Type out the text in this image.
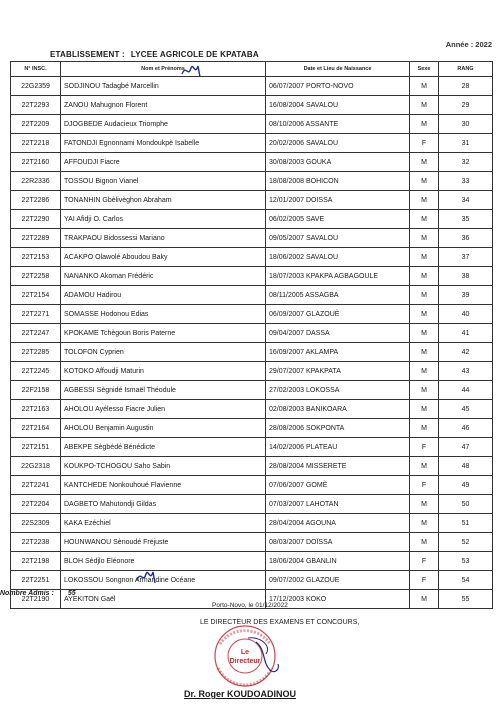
Année : 2022
ETABLISSEMENT : LYCEE AGRICOLE DE KPATABA
N° INSC.	Nom et Prénoms	Date et Lieu de Naissance	Sexe	RANG
22G2359	SODJINOU Tadagbé Marcellin	06/07/2007 PORTO-NOVO	M	28
22T2293	ZANOU Mahugnon Florent	16/08/2004 SAVALOU	M	29
22T2209	DJOGBEDE Audacieux Triomphe	08/10/2006 ASSANTE	M	30
22T2218	FATONDJI Egnonnami Mondoukpè Isabelle	20/02/2006 SAVALOU	F	31
22T2160	AFFOUDJI Fiacre	30/08/2003 GOUKA	M	32
22R2336	TOSSOU Bignon Vianel	18/08/2008 BOHICON	M	33
22T2286	TONANHIN Gbèlivèghon Abraham	12/01/2007 DOISSA	M	34
22T2290	YAI Afidji O. Carlos	06/02/2005 SAVE	M	35
22T2289	TRAKPAOU Bidossessi Mariano	09/05/2007 SAVALOU	M	36
22T2153	ACAKPO Olawolé Aboudou Baky	18/06/2002 SAVALOU	M	37
22T2258	NANANKO Akoman Frédéric	18/07/2003 KPAKPA AGBAGOULE	M	38
22T2154	ADAMOU Hadirou	08/11/2005 ASSAGBA	M	39
22T2271	SOMASSE Hodonou Edias	06/09/2007 GLAZOUÈ	M	40
22T2247	KPOKAME Tchègoun Boris Paterne	09/04/2007 DASSA	M	41
22T2285	TOLOFON Cyprien	16/09/2007 AKLAMPA	M	42
22T2245	KOTOKO Affoudji Maturin	29/07/2007 KPAKPATA	M	43
22F2158	AGBESSI Sègnidé Ismaël Théodule	27/02/2003 LOKOSSA	M	44
22T2163	AHOLOU Ayélesso Fiacre Julien	02/08/2003 BANIKOARA	M	45
22T2164	AHOLOU Benjamin Augustin	28/08/2006 SOKPONTA	M	46
22T2151	ABEKPE Sègbédé Bénédicte	14/02/2006 PLATEAU	F	47
22G2318	KOUKPO-TCHOGOU Saho Sabin	28/08/2004 MISSERETE	M	48
22T2241	KANTCHEDE Nonkouhoué Flavienne	07/06/2007 GOMÈ	F	49
22T2204	DAGBETO Mahutondji Gildas	07/03/2007 LAHOTAN	M	50
22S2309	KAKA Ezéchiel	28/04/2004 AGOUNA	M	51
22T2238	HOUNWANOU Sènoudé Fréjuste	08/03/2007 DOÏSSA	M	52
22T2198	BLOH Sèdjlo Eléonore	18/06/2004 GBANLIN	F	53
22T2251	LOKOSSOU Songnon Armandine Océane	09/07/2002 GLAZOUE	F	54
22T2190	AYEKITON Gaël	17/12/2003 KOKO	M	55
Nombre Admis : 55
Porto-Novo, le 01/12/2022
LE DIRECTEUR DES EXAMENS ET CONCOURS,
Le
Directeur
Dr. Roger KOUDOADINOU
